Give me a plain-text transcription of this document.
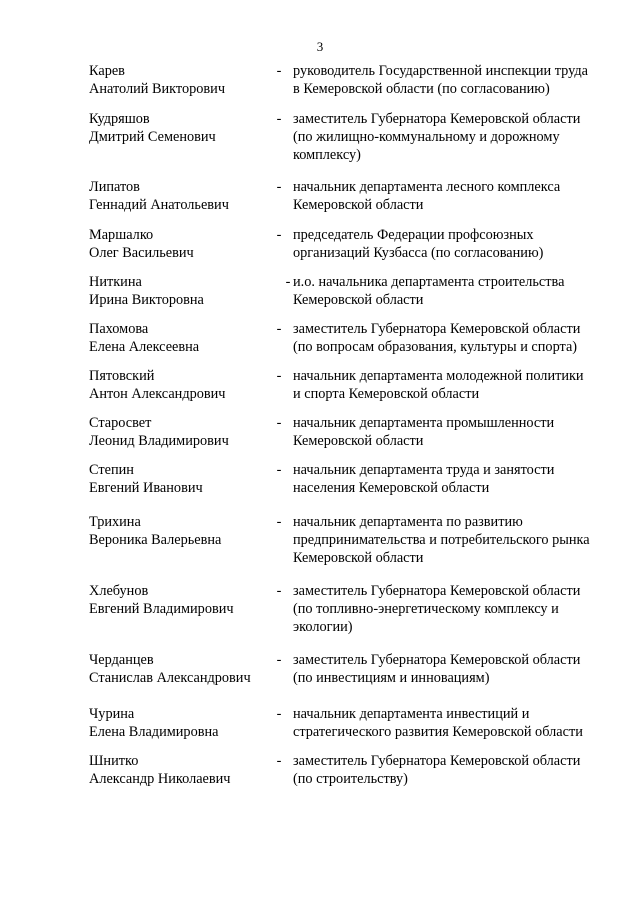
3
Карев
Анатолий Викторович
- руководитель Государственной инспекции труда
в Кемеровской области (по согласованию)
Кудряшов
Дмитрий Семенович
- заместитель Губернатора Кемеровской области
(по жилищно-коммунальному и дорожному
комплексу)
Липатов
Геннадий Анатольевич
- начальник департамента лесного комплекса
Кемеровской области
Маршалко
Олег Васильевич
- председатель Федерации профсоюзных
организаций Кузбасса (по согласованию)
Ниткина
Ирина Викторовна
- и.о. начальника департамента строительства
Кемеровской области
Пахомова
Елена Алексеевна
- заместитель Губернатора Кемеровской области
(по вопросам образования, культуры и спорта)
Пятовский
Антон Александрович
- начальник департамента молодежной политики
и спорта Кемеровской области
Старосвет
Леонид Владимирович
- начальник департамента промышленности
Кемеровской области
Степин
Евгений Иванович
- начальник департамента труда и занятости
населения Кемеровской области
Трихина
Вероника Валерьевна
- начальник департамента по развитию
предпринимательства и потребительского рынка
Кемеровской области
Хлебунов
Евгений Владимирович
- заместитель Губернатора Кемеровской области
(по топливно-энергетическому комплексу и
экологии)
Черданцев
Станислав Александрович
- заместитель Губернатора Кемеровской области
(по инвестициям и инновациям)
Чурина
Елена Владимировна
- начальник департамента инвестиций и
стратегического развития Кемеровской области
Шнитко
Александр Николаевич
- заместитель Губернатора Кемеровской области
(по строительству)
